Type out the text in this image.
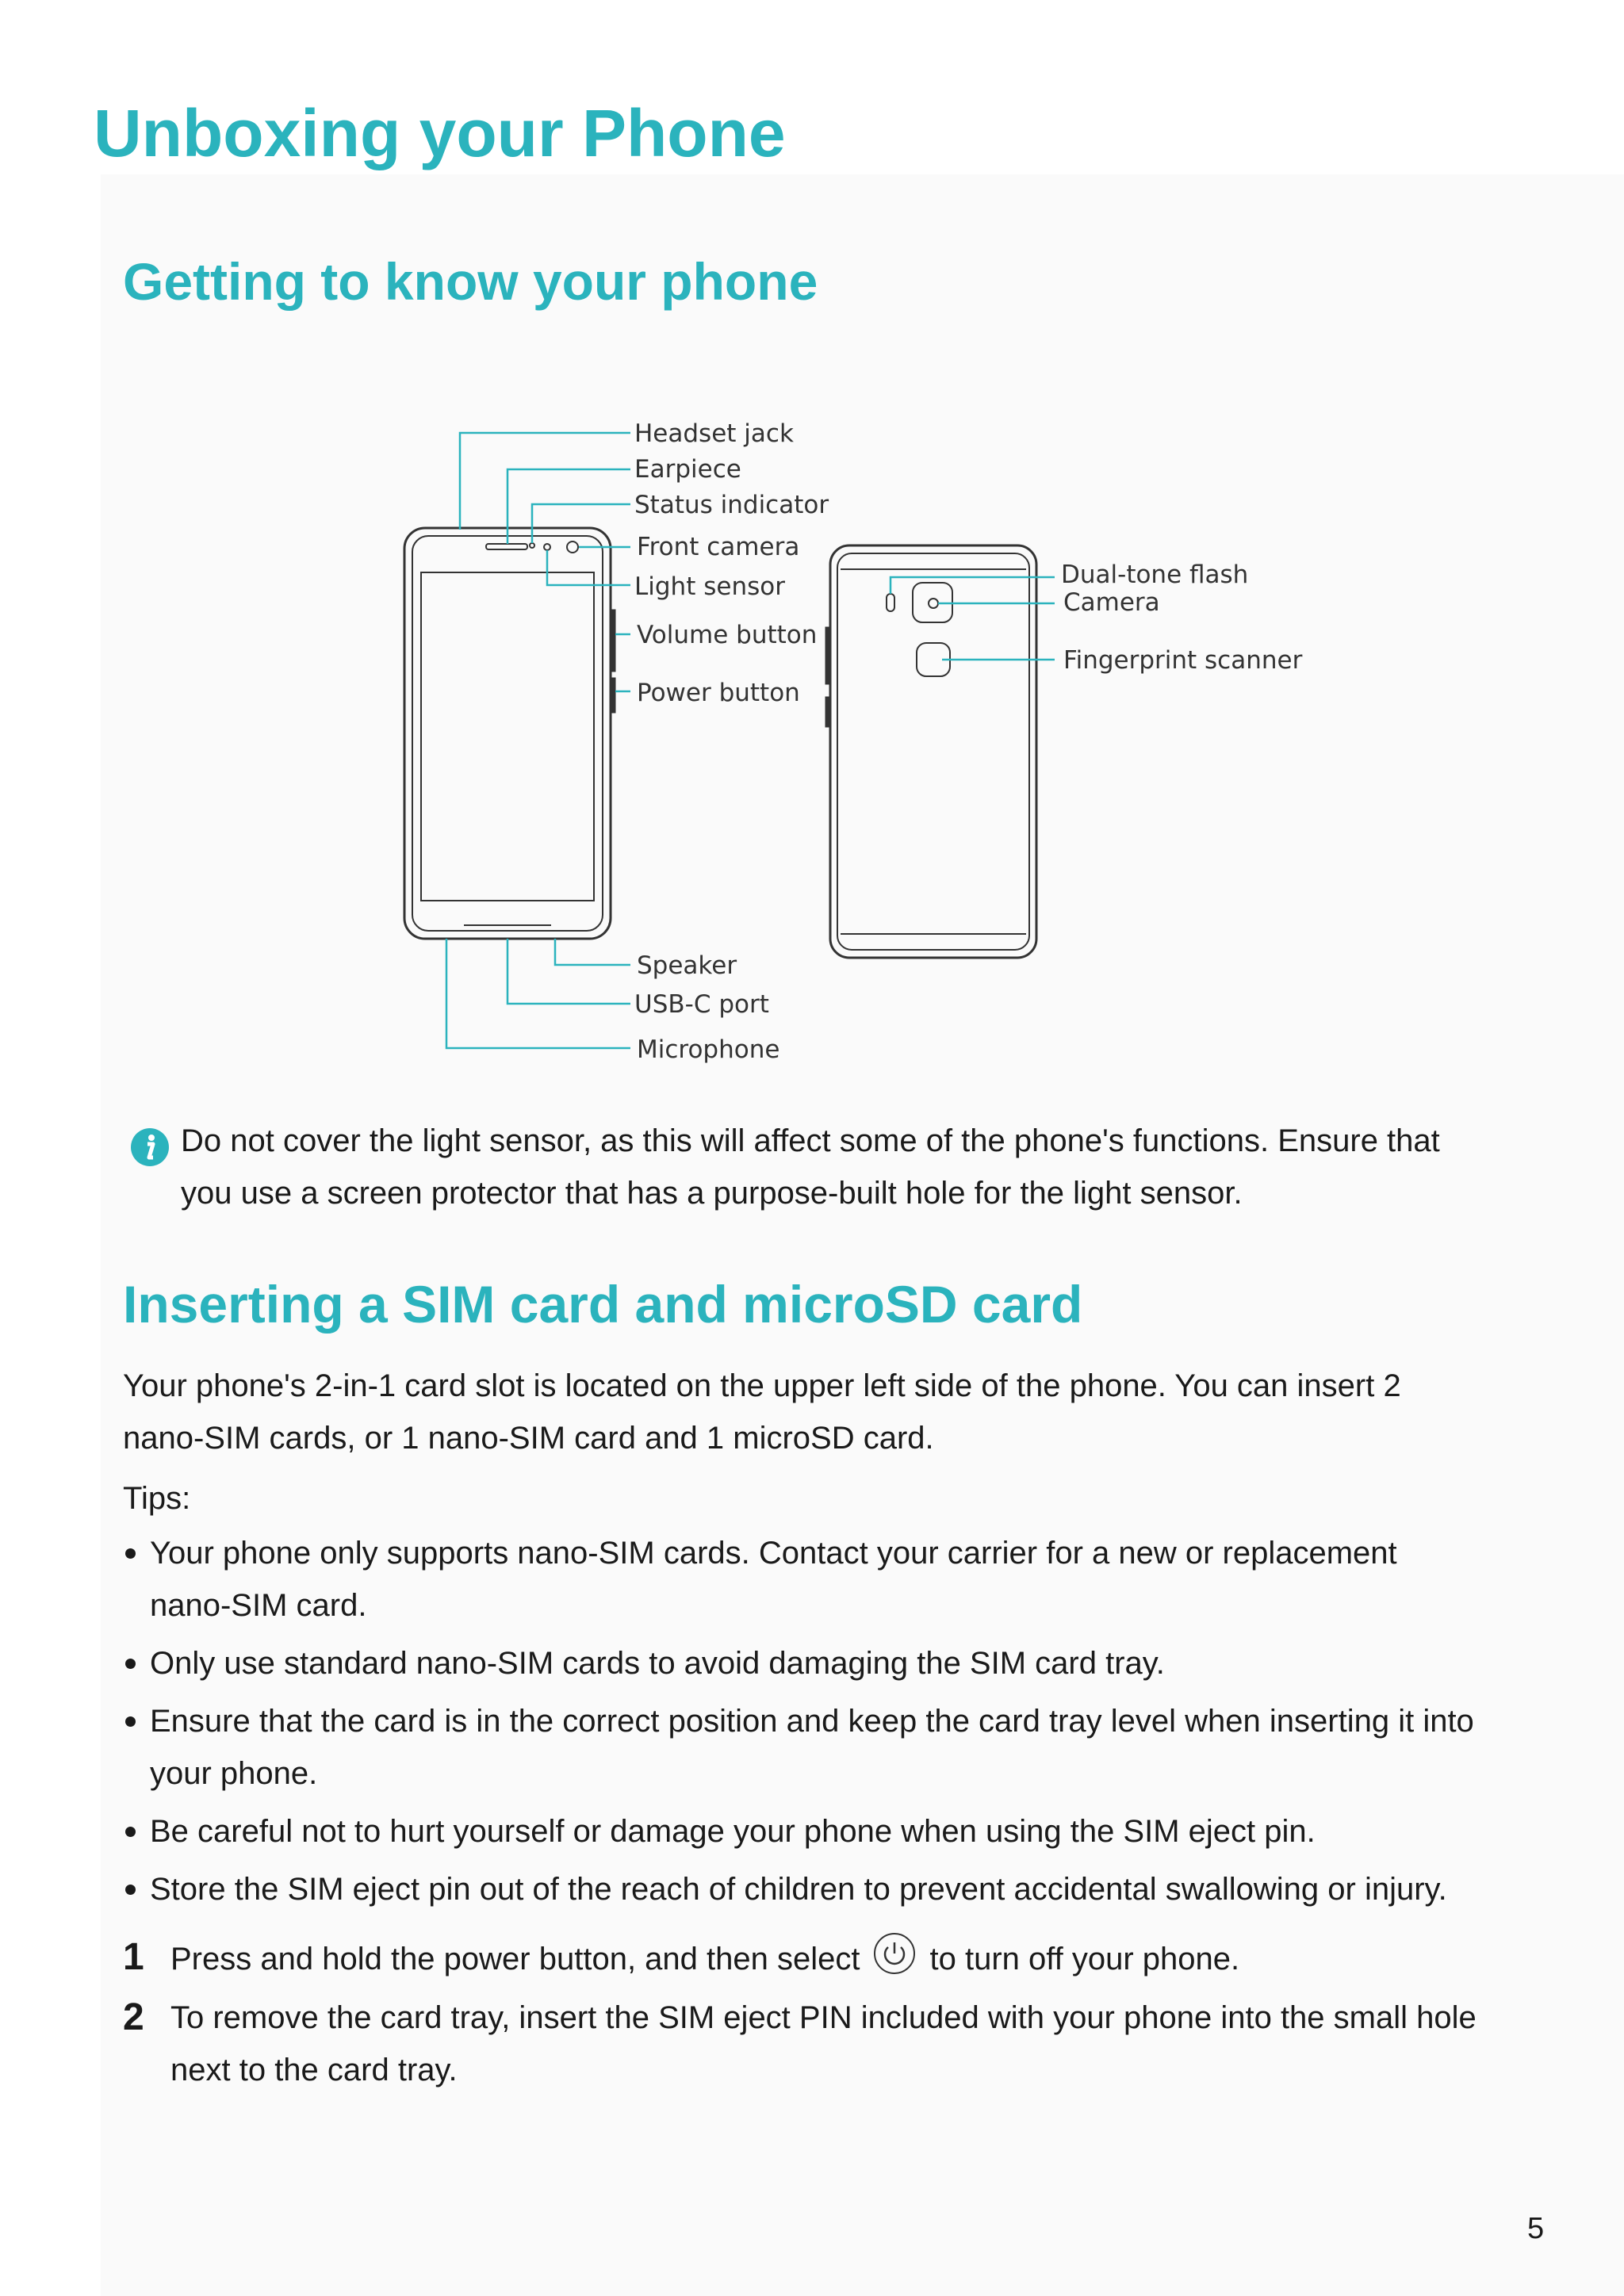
Unboxing your Phone
Getting to know your phone
Headset jack
Earpiece
Status indicator
Front camera
Light sensor
Volume button
Power button
Speaker
USB-C port
Microphone
Dual-tone flash
Camera
Fingerprint scanner
Do not cover the light sensor, as this will affect some of the phone's functions. Ensure that
you use a screen protector that has a purpose-built hole for the light sensor.
Inserting a SIM card and microSD card
Your phone's 2-in-1 card slot is located on the upper left side of the phone. You can insert 2
nano-SIM cards, or 1 nano-SIM card and 1 microSD card.
Tips:
Your phone only supports nano-SIM cards. Contact your carrier for a new or replacement
nano-SIM card.
Only use standard nano-SIM cards to avoid damaging the SIM card tray.
Ensure that the card is in the correct position and keep the card tray level when inserting it into
your phone.
Be careful not to hurt yourself or damage your phone when using the SIM eject pin.
Store the SIM eject pin out of the reach of children to prevent accidental swallowing or injury.
1 Press and hold the power button, and then select to turn off your phone.
2 To remove the card tray, insert the SIM eject PIN included with your phone into the small hole
next to the card tray.
5
